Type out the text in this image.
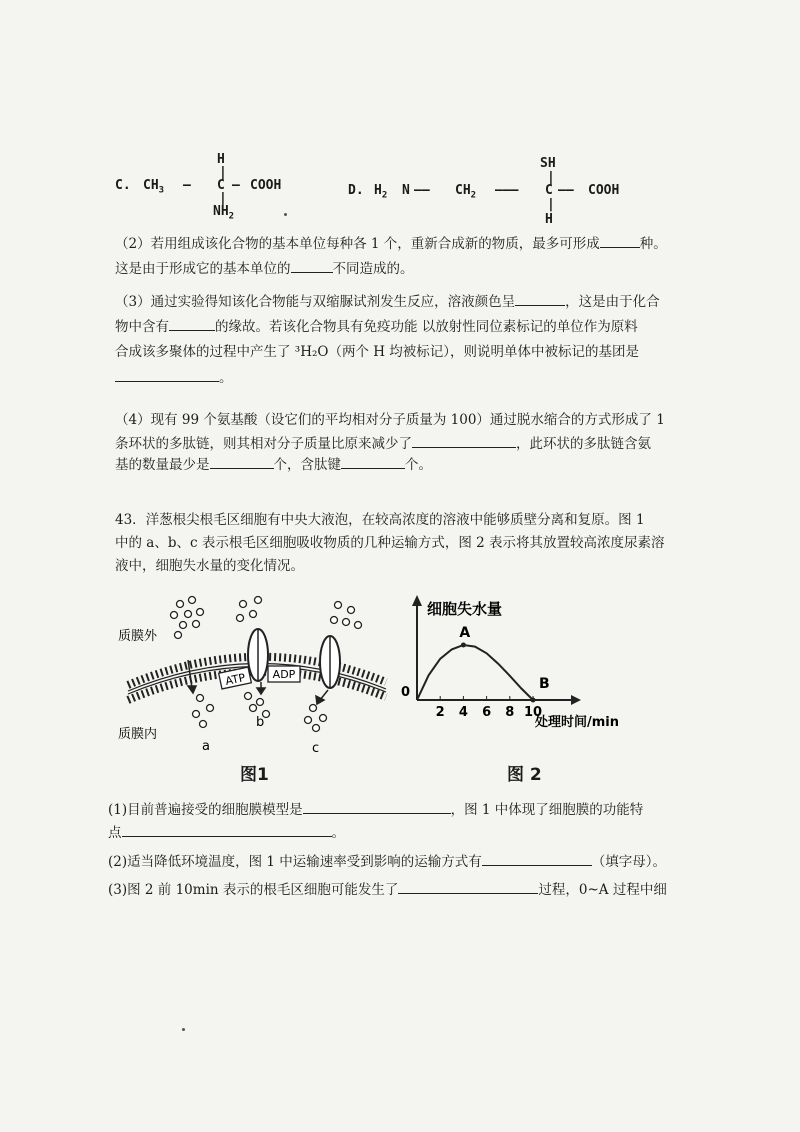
C. $CH_3$ — C — COOH
H
|
|
$NH_2$
D. $H_2$ N —— $CH_2$ ——— C —— COOH
SH
|
|
H
（2）若用组成该化合物的基本单位每种各 1 个，重新合成新的物质，最多可形成	种。
这是由于形成它的基本单位的	不同造成的。
（3）通过实验得知该化合物能与双缩脲试剂发生反应，溶液颜色呈	，这是由于化合
物中含有	的缘故。若该化合物具有免疫功能 以放射性同位素标记的单位作为原料
合成该多聚体的过程中产生了 ³H₂O（两个 H 均被标记），则说明单体中被标记的基团是
。
（4）现有 99 个氨基酸（设它们的平均相对分子质量为 100）通过脱水缩合的方式形成了 1
条环状的多肽链，则其相对分子质量比原来减少了	，此环状的多肽链含氨
基的数量最少是	个，含肽键	个。
43．洋葱根尖根毛区细胞有中央大液泡，在较高浓度的溶液中能够质壁分离和复原。图 1
中的 a、b、c 表示根毛区细胞吸收物质的几种运输方式，图 2 表示将其放置较高浓度尿素溶
液中，细胞失水量的变化情况。
ATP ADP
质膜外
质膜内
a
b
c
图1
细胞失水量
处理时间/min
0
2 4 6 8 10
A
B
图 2
(1)目前普遍接受的细胞膜模型是	，图 1 中体现了细胞膜的功能特
点	。
(2)适当降低环境温度，图 1 中运输速率受到影响的运输方式有	（填字母）。
(3)图 2 前 10min 表示的根毛区细胞可能发生了	过程，0~A 过程中细
